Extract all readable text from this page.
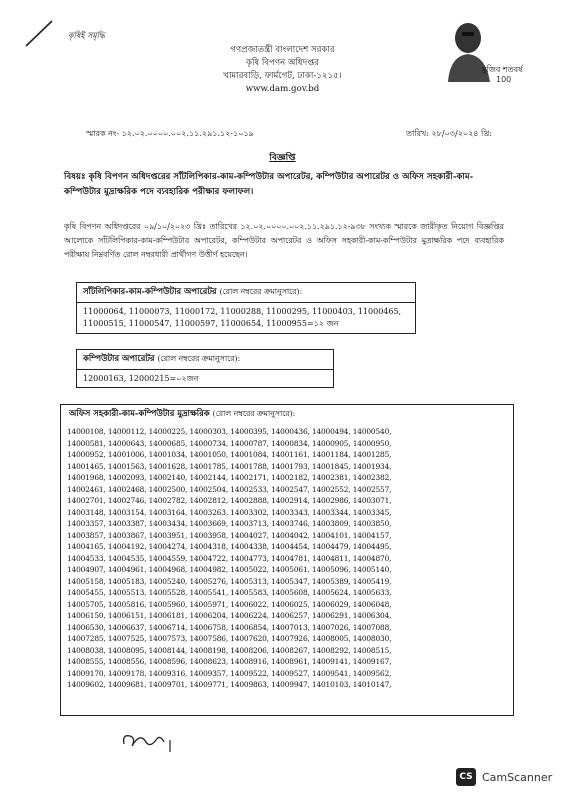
কৃষিই সমৃদ্ধি
গণপ্রজাতন্ত্রী বাংলাদেশ সরকার
কৃষি বিপণন অধিদপ্তর
খামারবাড়ি, ফার্মগেট, ঢাকা-১২১৫।
www.dam.gov.bd
মুজিব শতবর্ষ
100
স্মারক নং- ১২.০২.০০০০.০০২.১১.২৯১.১২-১০১৯	তারিখ: ২৮/০৩/২০২৪ খ্রি:
বিজ্ঞপ্তি
বিষয়ঃ কৃষি বিপণন অধিদপ্তরের সাঁটলিপিকার-কাম-কম্পিউটার অপারেটর, কম্পিউটার অপারেটর ও অফিস সহকারী-কাম-কম্পিউটার মুদ্রাক্ষরিক পদে ব্যবহারিক পরীক্ষার ফলাফল।
কৃষি বিপণন অধিদপ্তরের ০৯/১০/২০২৩ খ্রিঃ তারিখের ১২.০২.০০০০.০০২.১১.২৯১.১২-৯৩৮ সংখ্যক স্মারকে জারীকৃত নিয়োগ বিজ্ঞপ্তির আলোকে সাঁটলিপিকার-কাম-কম্পিউটার অপারেটর, কম্পিউটার অপারেটর ও অফিস সহকারী-কাম-কম্পিউটার মুদ্রাক্ষরিক পদে ব্যবহারিক পরীক্ষায় নিম্নবর্ণিত রোল নম্বরধারী প্রার্থীগণ উত্তীর্ণ হয়েছেন।
সাঁটলিপিকার-কাম-কম্পিউটার অপারেটর (রোল নম্বরের ক্রমানুসারে):
11000064, 11000073, 11000172, 11000288, 11000295, 11000403, 11000465,
11000515, 11000547, 11000597, 11000654, 11000955=১২ জন
কম্পিউটার অপারেটর (রোল নম্বরের ক্রমানুসারে):
12000163, 12000215=০২জন
অফিস সহকারী-কাম-কম্পিউটার মুদ্রাক্ষরিক (রোল নম্বরের ক্রমানুসারে):
14000108, 14000112, 14000225, 14000303, 14000395, 14000436, 14000494, 14000540,
14000581, 14000643, 14000685, 14000734, 14000787, 14000834, 14000905, 14000950,
14000952, 14001006, 14001034, 14001050, 14001084, 14001161, 14001184, 14001285,
14001465, 14001563, 14001628, 14001785, 14001788, 14001793, 14001845, 14001934,
14001968, 14002093, 14002140, 14002144, 14002171, 14002182, 14002381, 14002382,
14002461, 14002468, 14002500, 14002504, 14002533, 14002547, 14002552, 14002557,
14002701, 14002746, 14002782, 14002812, 14002888, 14002914, 14002986, 14003071,
14003148, 14003154, 14003164, 14003263, 14003302, 14003343, 14003344, 14003345,
14003357, 14003387, 14003434, 14003669, 14003713, 14003746, 14003809, 14003850,
14003857, 14003867, 14003951, 14003958, 14004027, 14004042, 14004101, 14004157,
14004165, 14004192, 14004274, 14004318, 14004338, 14004454, 14004479, 14004495,
14004533, 14004535, 14004559, 14004722, 14004773, 14004781, 14004811, 14004870,
14004907, 14004961, 14004968, 14004982, 14005022, 14005061, 14005096, 14005140,
14005158, 14005183, 14005240, 14005276, 14005313, 14005347, 14005389, 14005419,
14005455, 14005513, 14005528, 14005541, 14005583, 14005608, 14005624, 14005633,
14005705, 14005816, 14005960, 14005971, 14006022, 14006025, 14006029, 14006048,
14006150, 14006151, 14006181, 14006204, 14006224, 14006257, 14006291, 14006304,
14006530, 14006637, 14006714, 14006758, 14006854, 14007013, 14007026, 14007088,
14007285, 14007525, 14007573, 14007586, 14007620, 14007926, 14008005, 14008030,
14008038, 14008095, 14008144, 14008198, 14008206, 14008267, 14008292, 14008515,
14008555, 14008556, 14008596, 14008623, 14008916, 14008961, 14009141, 14009167,
14009170, 14009178, 14009316, 14009357, 14009522, 14009527, 14009541, 14009562,
14009602, 14009681, 14009701, 14009771, 14009863, 14009947, 14010103, 14010147,
CS CamScanner
